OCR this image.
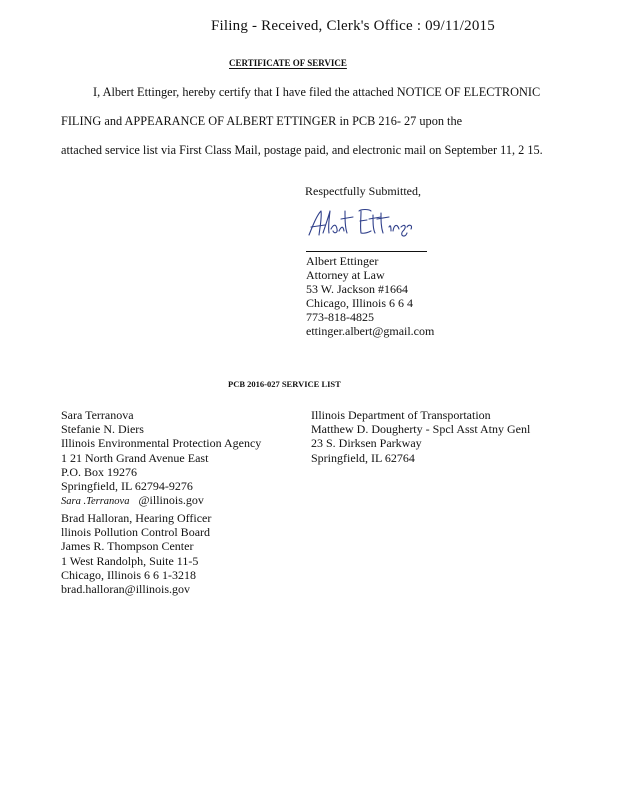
Filing - Received, Clerk's Office : 09/11/2015
CERTIFICATE OF SERVICE
I, Albert Ettinger, hereby certify that I have filed the attached NOTICE OF ELECTRONIC
FILING and APPEARANCE OF ALBERT ETTINGER in PCB 216- 27 upon the
attached service list via First Class Mail, postage paid, and electronic mail on September 11, 2 15.
Respectfully Submitted,
Albert Ettinger
Attorney at Law
53 W. Jackson #1664
Chicago, Illinois 6 6 4
773-818-4825
ettinger.albert@gmail.com
PCB 2016-027 SERVICE LIST
Sara Terranova
Stefanie N. Diers
Illinois Environmental Protection Agency
1 21 North Grand Avenue East
P.O. Box 19276
Springfield, IL 62794-9276
Sara .Terranova   @illinois.gov
Brad Halloran, Hearing Officer
llinois Pollution Control Board
James R. Thompson Center
1 West Randolph, Suite 11-5
Chicago, Illinois 6 6 1-3218
brad.halloran@illinois.gov
Illinois Department of Transportation
Matthew D. Dougherty - Spcl Asst Atny Genl
23 S. Dirksen Parkway
Springfield, IL 62764
